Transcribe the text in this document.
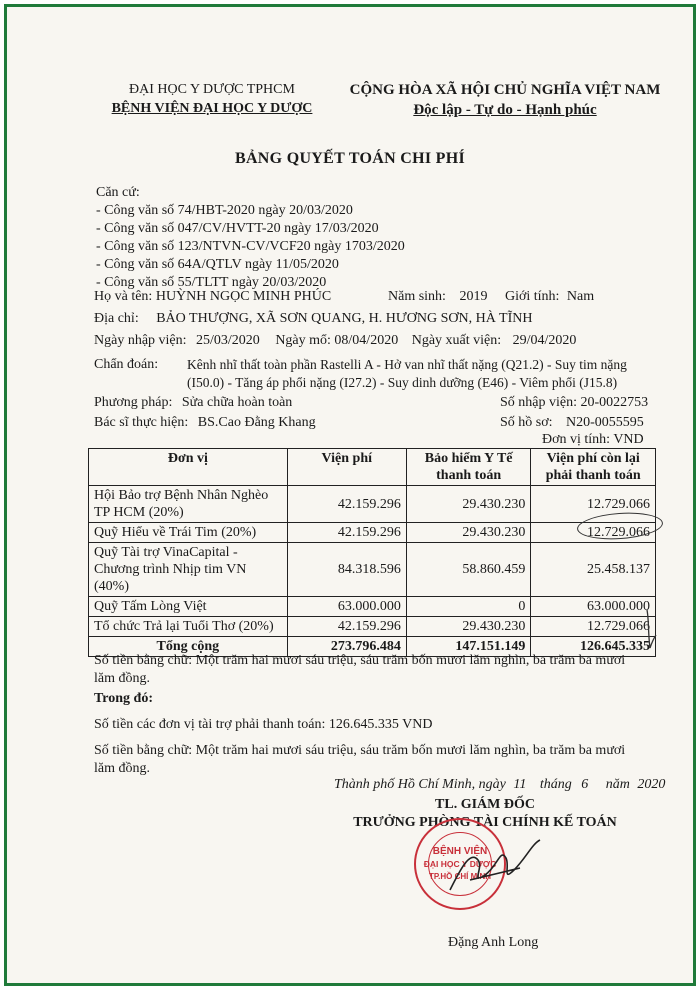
ĐẠI HỌC Y DƯỢC TPHCM
BỆNH VIỆN ĐẠI HỌC Y DƯỢC
CỘNG HÒA XÃ HỘI CHỦ NGHĨA VIỆT NAM
Độc lập - Tự do - Hạnh phúc
BẢNG QUYẾT TOÁN CHI PHÍ
Căn cứ:
- Công văn số 74/HBT-2020 ngày 20/03/2020
- Công văn số 047/CV/HVTT-20 ngày 17/03/2020
- Công văn số 123/NTVN-CV/VCF20 ngày 1703/2020
- Công văn số 64A/QTLV ngày 11/05/2020
- Công văn số 55/TLTT ngày 20/03/2020
Họ và tên: HUỲNH NGỌC MINH PHÚC	Năm sinh: 2019 Giới tính: Nam
Địa chỉ: BẢO THƯỢNG, XÃ SƠN QUANG, H. HƯƠNG SƠN, HÀ TĨNH
Ngày nhập viện: 25/03/2020 Ngày mổ: 08/04/2020 Ngày xuất viện: 29/04/2020
Chẩn đoán: Kênh nhĩ thất toàn phần Rastelli A - Hở van nhĩ thất nặng (Q21.2) - Suy tim nặng
(I50.0) - Tăng áp phổi nặng (I27.2) - Suy dinh dưỡng (E46) - Viêm phổi (J15.8)
Phương pháp: Sửa chữa hoàn toàn	Số nhập viện: 20-0022753
Bác sĩ thực hiện: BS.Cao Đằng Khang	Số hồ sơ: N20-0055595
Đơn vị tính: VND
Đơn vị	Viện phí	Bảo hiểm Y Tế thanh toán	Viện phí còn lại phải thanh toán
Hội Bảo trợ Bệnh Nhân Nghèo TP HCM (20%)	42.159.296	29.430.230	12.729.066
Quỹ Hiểu về Trái Tim (20%)	42.159.296	29.430.230	12.729.066
Quỹ Tài trợ VinaCapital - Chương trình Nhịp tim VN (40%)	84.318.596	58.860.459	25.458.137
Quỹ Tấm Lòng Việt	63.000.000	0	63.000.000
Tổ chức Trả lại Tuổi Thơ (20%)	42.159.296	29.430.230	12.729.066
Tổng cộng	273.796.484	147.151.149	126.645.335
Số tiền bằng chữ: Một trăm hai mươi sáu triệu, sáu trăm bốn mươi lăm nghìn, ba trăm ba mươi
lăm đồng.
Trong đó:
Số tiền các đơn vị tài trợ phải thanh toán: 126.645.335 VND
Số tiền bằng chữ: Một trăm hai mươi sáu triệu, sáu trăm bốn mươi lăm nghìn, ba trăm ba mươi
lăm đồng.
Thành phố Hồ Chí Minh, ngày 11 tháng 6 năm 2020
TL. GIÁM ĐỐC
TRƯỞNG PHÒNG TÀI CHÍNH KẾ TOÁN
BỆNH VIỆN
ĐẠI HỌC Y DƯỢC
TP.HỒ CHÍ MINH
Đặng Anh Long
